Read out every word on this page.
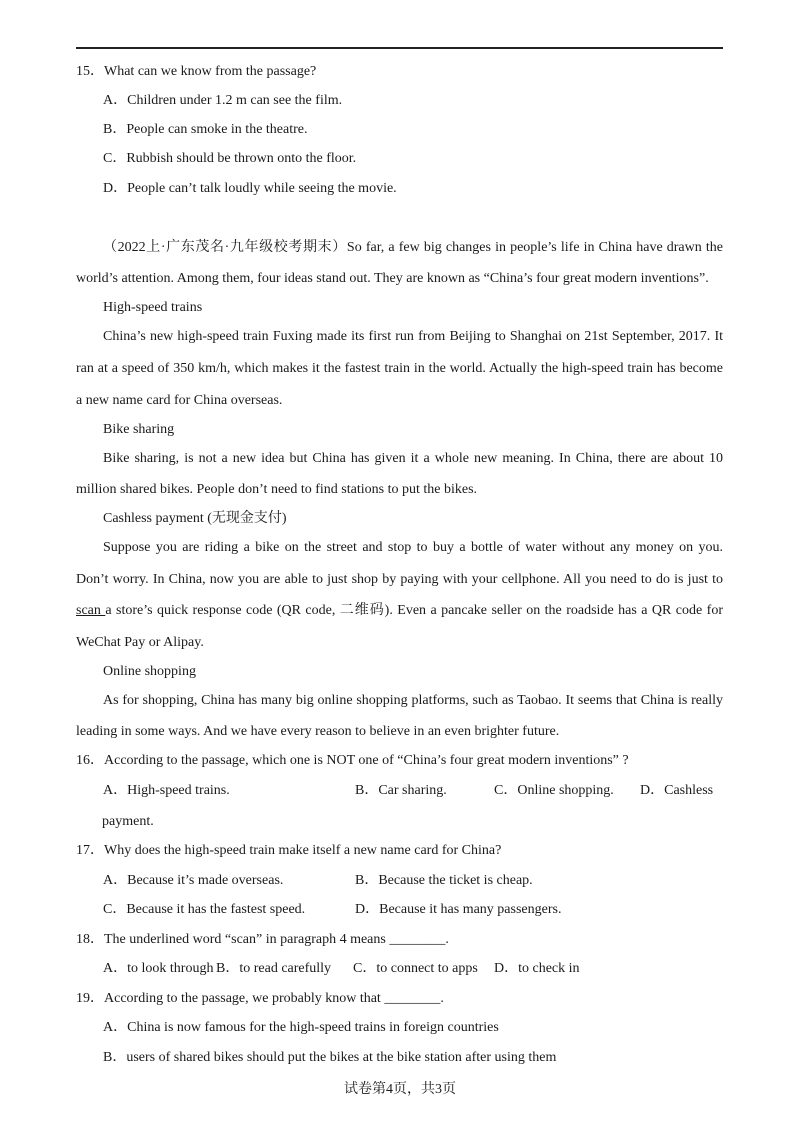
15．What can we know from the passage?
A．Children under 1.2 m can see the film.
B．People can smoke in the theatre.
C．Rubbish should be thrown onto the floor.
D．People can’t talk loudly while seeing the movie.
（2022上·广东茂名·九年级校考期末）So far, a few big changes in people’s life in China have drawn the
world’s attention. Among them, four ideas stand out. They are known as “China’s four great modern inventions”.
High-speed trains
China’s new high-speed train Fuxing made its first run from Beijing to Shanghai on 21st September, 2017. It
ran at a speed of 350 km/h, which makes it the fastest train in the world. Actually the high-speed train has become
a new name card for China overseas.
Bike sharing
Bike sharing, is not a new idea but China has given it a whole new meaning. In China, there are about 10
million shared bikes. People don’t need to find stations to put the bikes.
Cashless payment (无现金支付)
Suppose you are riding a bike on the street and stop to buy a bottle of water without any money on you.
Don’t worry. In China, now you are able to just shop by paying with your cellphone. All you need to do is just to
scan a store’s quick response code (QR code, 二维码). Even a pancake seller on the roadside has a QR code for
WeChat Pay or Alipay.
Online shopping
As for shopping, China has many big online shopping platforms, such as Taobao. It seems that China is really
leading in some ways. And we have every reason to believe in an even brighter future.
16．According to the passage, which one is NOT one of “China’s four great modern inventions” ?
A．High-speed trains.	B．Car sharing.	C．Online shopping. D．Cashless
payment.
17．Why does the high-speed train make itself a new name card for China?
A．Because it’s made overseas.	B．Because the ticket is cheap.
C．Because it has the fastest speed.	D．Because it has many passengers.
18．The underlined word “scan” in paragraph 4 means ________.
A．to look through B．to read carefully C．to connect to apps D．to check in
19．According to the passage, we probably know that ________.
A．China is now famous for the high-speed trains in foreign countries
B．users of shared bikes should put the bikes at the bike station after using them
试卷第4页，共3页
